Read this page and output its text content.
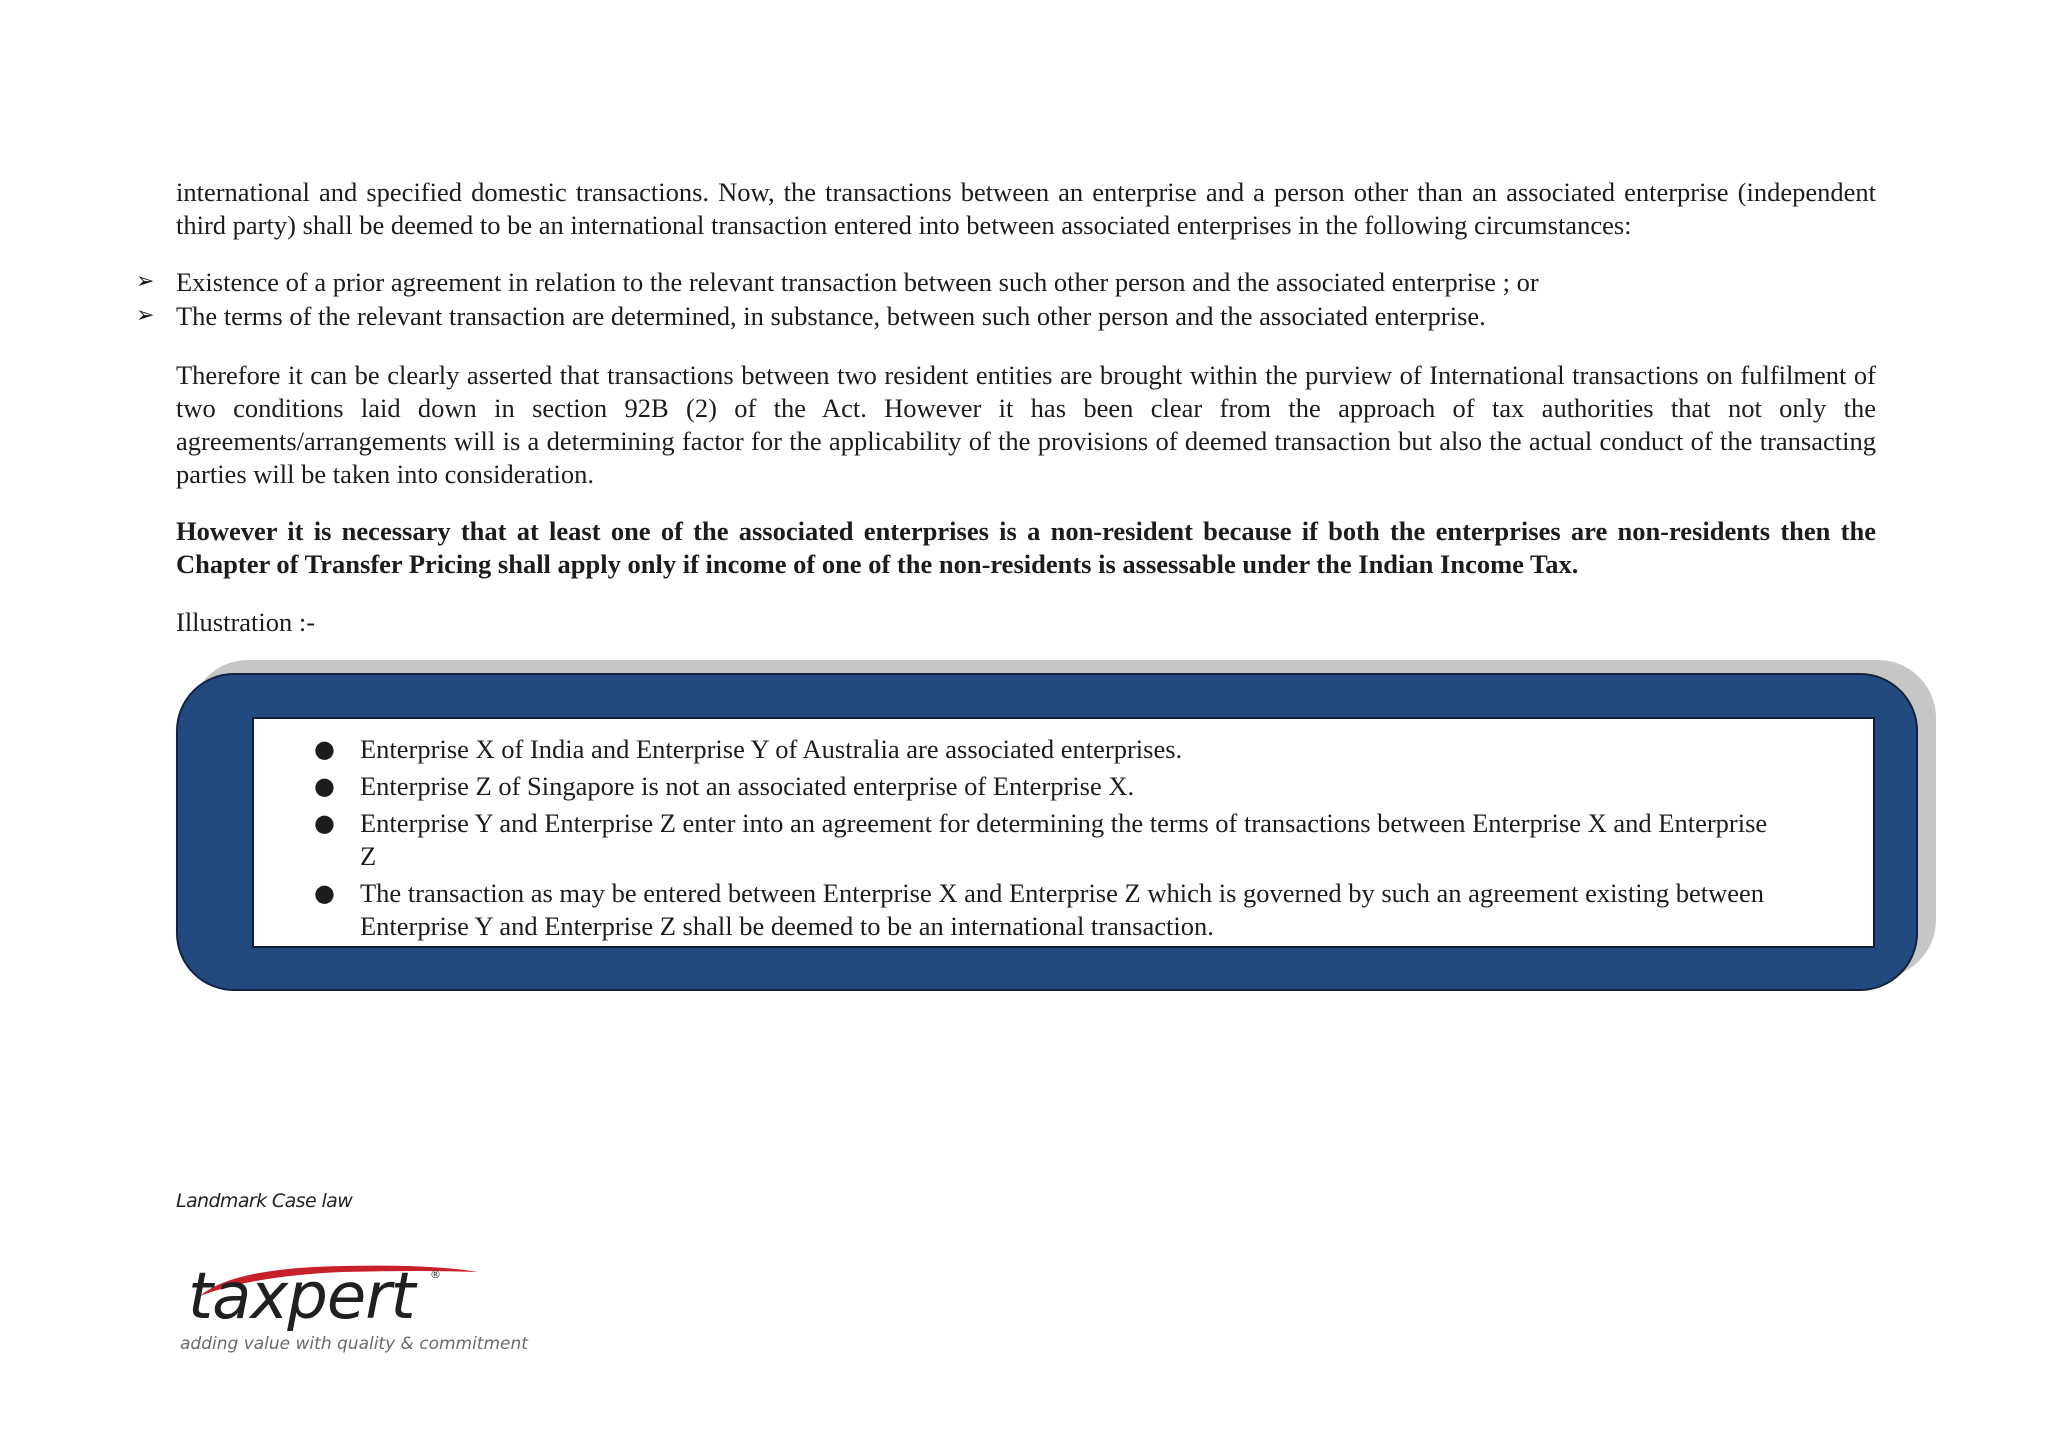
international and specified domestic transactions. Now, the transactions between an enterprise and a person other than an associated enterprise (independent third party) shall be deemed to be an international transaction entered into between associated enterprises in the following circumstances:

➢ Existence of a prior agreement in relation to the relevant transaction between such other person and the associated enterprise ; or
➢ The terms of the relevant transaction are determined, in substance, between such other person and the associated enterprise.

Therefore it can be clearly asserted that transactions between two resident entities are brought within the purview of International transactions on fulfilment of two conditions laid down in section 92B (2) of the Act. However it has been clear from the approach of tax authorities that not only the agreements/arrangements will is a determining factor for the applicability of the provisions of deemed transaction but also the actual conduct of the transacting parties will be taken into consideration.

However it is necessary that at least one of the associated enterprises is a non-resident because if both the enterprises are non-residents then the Chapter of Transfer Pricing shall apply only if income of one of the non-residents is assessable under the Indian Income Tax.

Illustration :-

● Enterprise X of India and Enterprise Y of Australia are associated enterprises.
● Enterprise Z of Singapore is not an associated enterprise of Enterprise X.
● Enterprise Y and Enterprise Z enter into an agreement for determining the terms of transactions between Enterprise X and Enterprise Z
● The transaction as may be entered between Enterprise X and Enterprise Z which is governed by such an agreement existing between Enterprise Y and Enterprise Z shall be deemed to be an international transaction.
Landmark Case law
taxpert ®
adding value with quality & commitment
